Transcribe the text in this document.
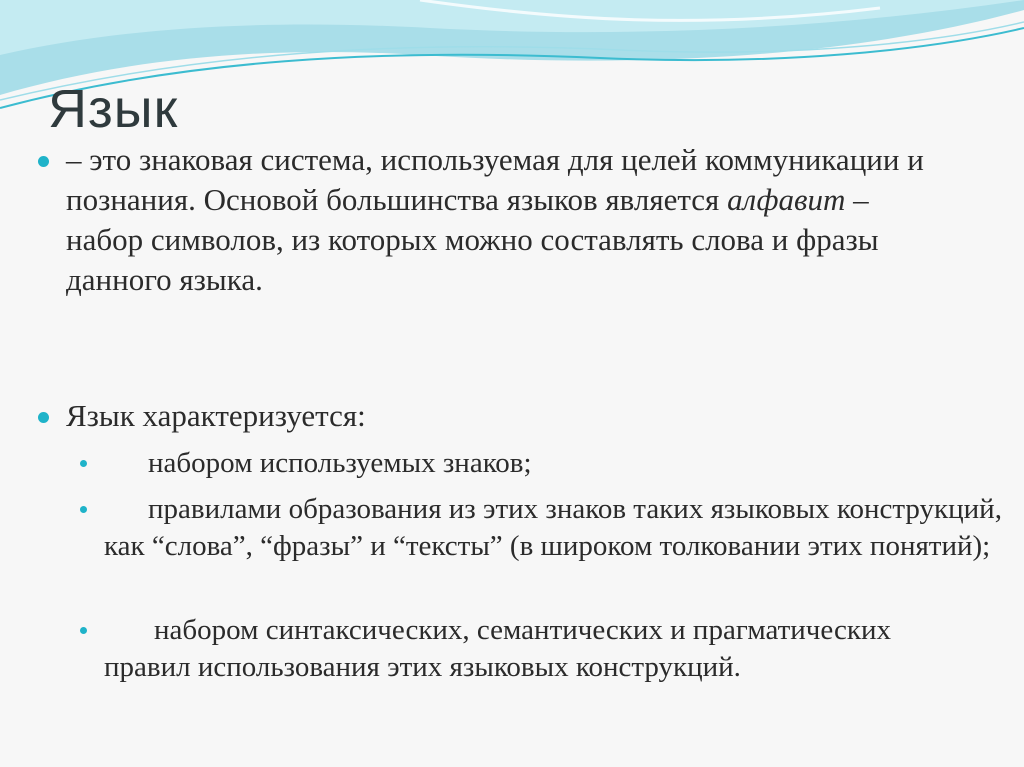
Язык
– это знаковая система, используемая для целей коммуникации и познания. Основой большинства языков является алфавит – набор символов, из которых можно составлять слова и фразы данного языка.
Язык характеризуется:
набором используемых знаков;
правилами образования из этих знаков таких языковых конструкций, как “слова”, “фразы” и “тексты” (в широком толковании этих понятий);
набором синтаксических, семантических и прагматических правил использования этих языковых конструкций.
